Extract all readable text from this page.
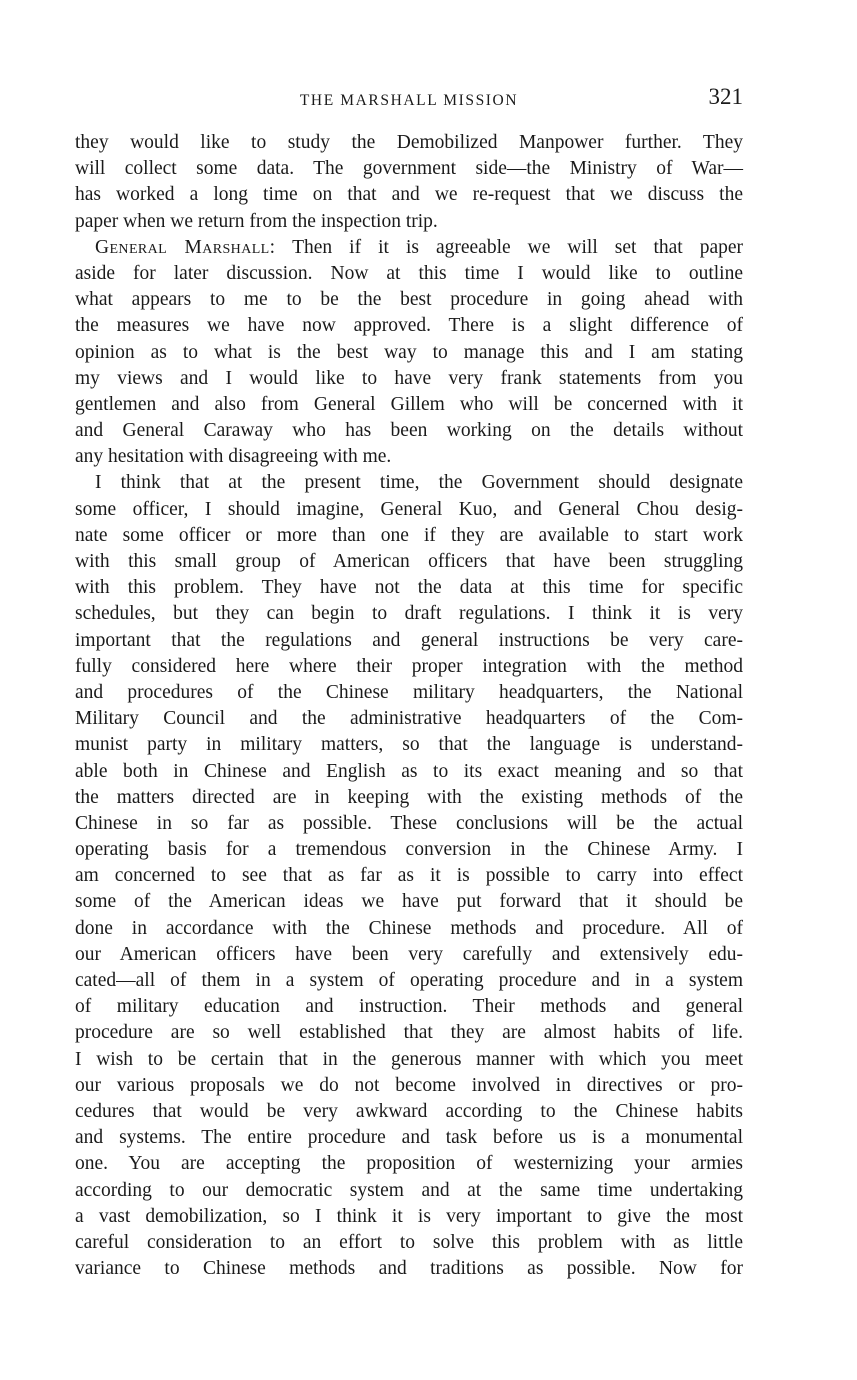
THE MARSHALL MISSION	321
they would like to study the Demobilized Manpower further. They
will collect some data. The government side—the Ministry of War—
has worked a long time on that and we re-request that we discuss the
paper when we return from the inspection trip.
General Marshall: Then if it is agreeable we will set that paper
aside for later discussion. Now at this time I would like to outline
what appears to me to be the best procedure in going ahead with
the measures we have now approved. There is a slight difference of
opinion as to what is the best way to manage this and I am stating
my views and I would like to have very frank statements from you
gentlemen and also from General Gillem who will be concerned with it
and General Caraway who has been working on the details without
any hesitation with disagreeing with me.
I think that at the present time, the Government should designate
some officer, I should imagine, General Kuo, and General Chou desig-
nate some officer or more than one if they are available to start work
with this small group of American officers that have been struggling
with this problem. They have not the data at this time for specific
schedules, but they can begin to draft regulations. I think it is very
important that the regulations and general instructions be very care-
fully considered here where their proper integration with the method
and procedures of the Chinese military headquarters, the National
Military Council and the administrative headquarters of the Com-
munist party in military matters, so that the language is understand-
able both in Chinese and English as to its exact meaning and so that
the matters directed are in keeping with the existing methods of the
Chinese in so far as possible. These conclusions will be the actual
operating basis for a tremendous conversion in the Chinese Army. I
am concerned to see that as far as it is possible to carry into effect
some of the American ideas we have put forward that it should be
done in accordance with the Chinese methods and procedure. All of
our American officers have been very carefully and extensively edu-
cated—all of them in a system of operating procedure and in a system
of military education and instruction. Their methods and general
procedure are so well established that they are almost habits of life.
I wish to be certain that in the generous manner with which you meet
our various proposals we do not become involved in directives or pro-
cedures that would be very awkward according to the Chinese habits
and systems. The entire procedure and task before us is a monumental
one. You are accepting the proposition of westernizing your armies
according to our democratic system and at the same time undertaking
a vast demobilization, so I think it is very important to give the most
careful consideration to an effort to solve this problem with as little
variance to Chinese methods and traditions as possible. Now for
